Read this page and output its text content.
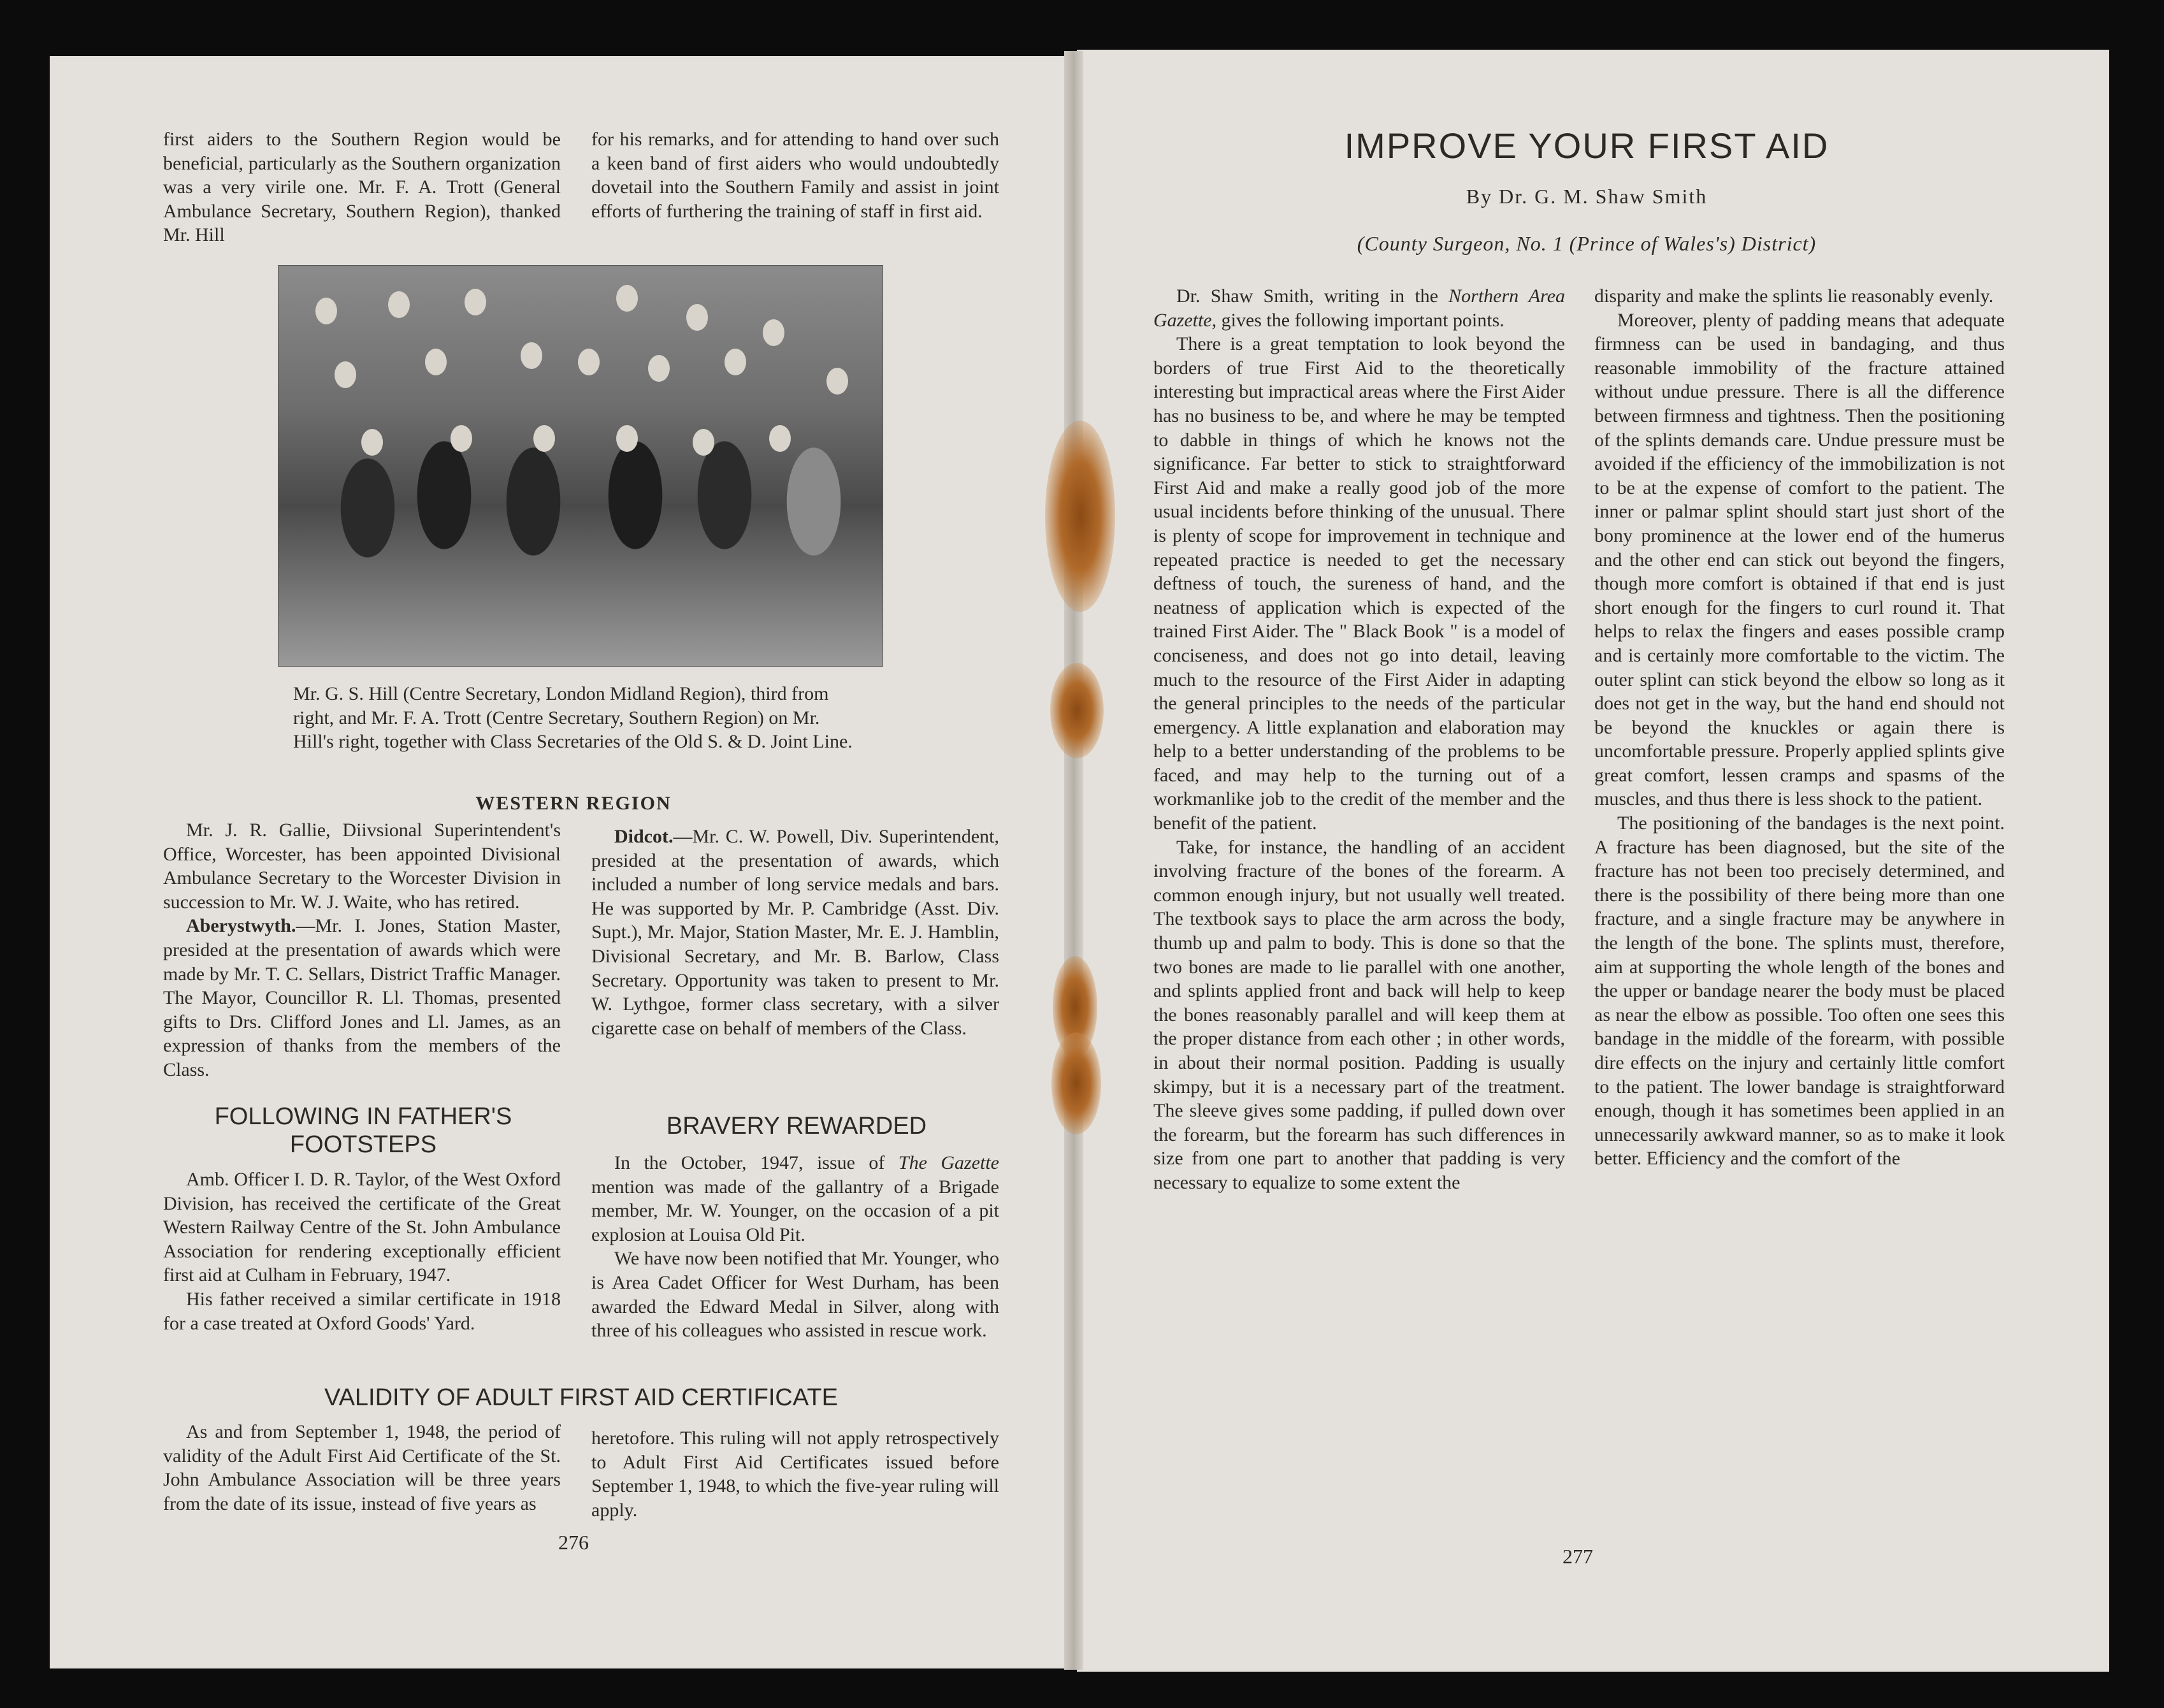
first aiders to the Southern Region would be beneficial, particularly as the Southern organization was a very virile one. Mr. F. A. Trott (General Ambulance Secretary, Southern Region), thanked Mr. Hill

for his remarks, and for attending to hand over such a keen band of first aiders who would undoubtedly dovetail into the Southern Family and assist in joint efforts of furthering the training of staff in first aid.

Mr. G. S. Hill (Centre Secretary, London Midland Region), third from right, and Mr. F. A. Trott (Centre Secretary, Southern Region) on Mr. Hill's right, together with Class Secretaries of the Old S. & D. Joint Line.

WESTERN REGION

Mr. J. R. Gallie, Diivsional Superintendent's Office, Worcester, has been appointed Divisional Ambulance Secretary to the Worcester Division in succession to Mr. W. J. Waite, who has retired.

Aberystwyth.—Mr. I. Jones, Station Master, presided at the presentation of awards which were made by Mr. T. C. Sellars, District Traffic Manager. The Mayor, Councillor R. Ll. Thomas, presented gifts to Drs. Clifford Jones and Ll. James, as an expression of thanks from the members of the Class.

Didcot.—Mr. C. W. Powell, Div. Superintendent, presided at the presentation of awards, which included a number of long service medals and bars. He was supported by Mr. P. Cambridge (Asst. Div. Supt.), Mr. Major, Station Master, Mr. E. J. Hamblin, Divisional Secretary, and Mr. B. Barlow, Class Secretary. Opportunity was taken to present to Mr. W. Lythgoe, former class secretary, with a silver cigarette case on behalf of members of the Class.

FOLLOWING IN FATHER'S FOOTSTEPS

Amb. Officer I. D. R. Taylor, of the West Oxford Division, has received the certificate of the Great Western Railway Centre of the St. John Ambulance Association for rendering exceptionally efficient first aid at Culham in February, 1947.

His father received a similar certificate in 1918 for a case treated at Oxford Goods' Yard.

BRAVERY REWARDED

In the October, 1947, issue of The Gazette mention was made of the gallantry of a Brigade member, Mr. W. Younger, on the occasion of a pit explosion at Louisa Old Pit.

We have now been notified that Mr. Younger, who is Area Cadet Officer for West Durham, has been awarded the Edward Medal in Silver, along with three of his colleagues who assisted in rescue work.

VALIDITY OF ADULT FIRST AID CERTIFICATE

As and from September 1, 1948, the period of validity of the Adult First Aid Certificate of the St. John Ambulance Association will be three years from the date of its issue, instead of five years as

heretofore. This ruling will not apply retrospectively to Adult First Aid Certificates issued before September 1, 1948, to which the five-year ruling will apply.

276
IMPROVE YOUR FIRST AID
By Dr. G. M. Shaw Smith
(County Surgeon, No. 1 (Prince of Wales's) District)

Dr. Shaw Smith, writing in the Northern Area Gazette, gives the following important points.

There is a great temptation to look beyond the borders of true First Aid to the theoretically interesting but impractical areas where the First Aider has no business to be, and where he may be tempted to dabble in things of which he knows not the significance. Far better to stick to straightforward First Aid and make a really good job of the more usual incidents before thinking of the unusual. There is plenty of scope for improvement in technique and repeated practice is needed to get the necessary deftness of touch, the sureness of hand, and the neatness of application which is expected of the trained First Aider. The " Black Book " is a model of conciseness, and does not go into detail, leaving much to the resource of the First Aider in adapting the general principles to the needs of the particular emergency. A little explanation and elaboration may help to a better understanding of the problems to be faced, and may help to the turning out of a workmanlike job to the credit of the member and the benefit of the patient.

Take, for instance, the handling of an accident involving fracture of the bones of the forearm. A common enough injury, but not usually well treated. The textbook says to place the arm across the body, thumb up and palm to body. This is done so that the two bones are made to lie parallel with one another, and splints applied front and back will help to keep the bones reasonably parallel and will keep them at the proper distance from each other ; in other words, in about their normal position. Padding is usually skimpy, but it is a necessary part of the treatment. The sleeve gives some padding, if pulled down over the forearm, but the forearm has such differences in size from one part to another that padding is very necessary to equalize to some extent the

disparity and make the splints lie reasonably evenly.

Moreover, plenty of padding means that adequate firmness can be used in bandaging, and thus reasonable immobility of the fracture attained without undue pressure. There is all the difference between firmness and tightness. Then the positioning of the splints demands care. Undue pressure must be avoided if the efficiency of the immobilization is not to be at the expense of comfort to the patient. The inner or palmar splint should start just short of the bony prominence at the lower end of the humerus and the other end can stick out beyond the fingers, though more comfort is obtained if that end is just short enough for the fingers to curl round it. That helps to relax the fingers and eases possible cramp and is certainly more comfortable to the victim. The outer splint can stick beyond the elbow so long as it does not get in the way, but the hand end should not be beyond the knuckles or again there is uncomfortable pressure. Properly applied splints give great comfort, lessen cramps and spasms of the muscles, and thus there is less shock to the patient.

The positioning of the bandages is the next point. A fracture has been diagnosed, but the site of the fracture has not been too precisely determined, and there is the possibility of there being more than one fracture, and a single fracture may be anywhere in the length of the bone. The splints must, therefore, aim at supporting the whole length of the bones and the upper or bandage nearer the body must be placed as near the elbow as possible. Too often one sees this bandage in the middle of the forearm, with possible dire effects on the injury and certainly little comfort to the patient. The lower bandage is straightforward enough, though it has sometimes been applied in an unnecessarily awkward manner, so as to make it look better. Efficiency and the comfort of the

277
